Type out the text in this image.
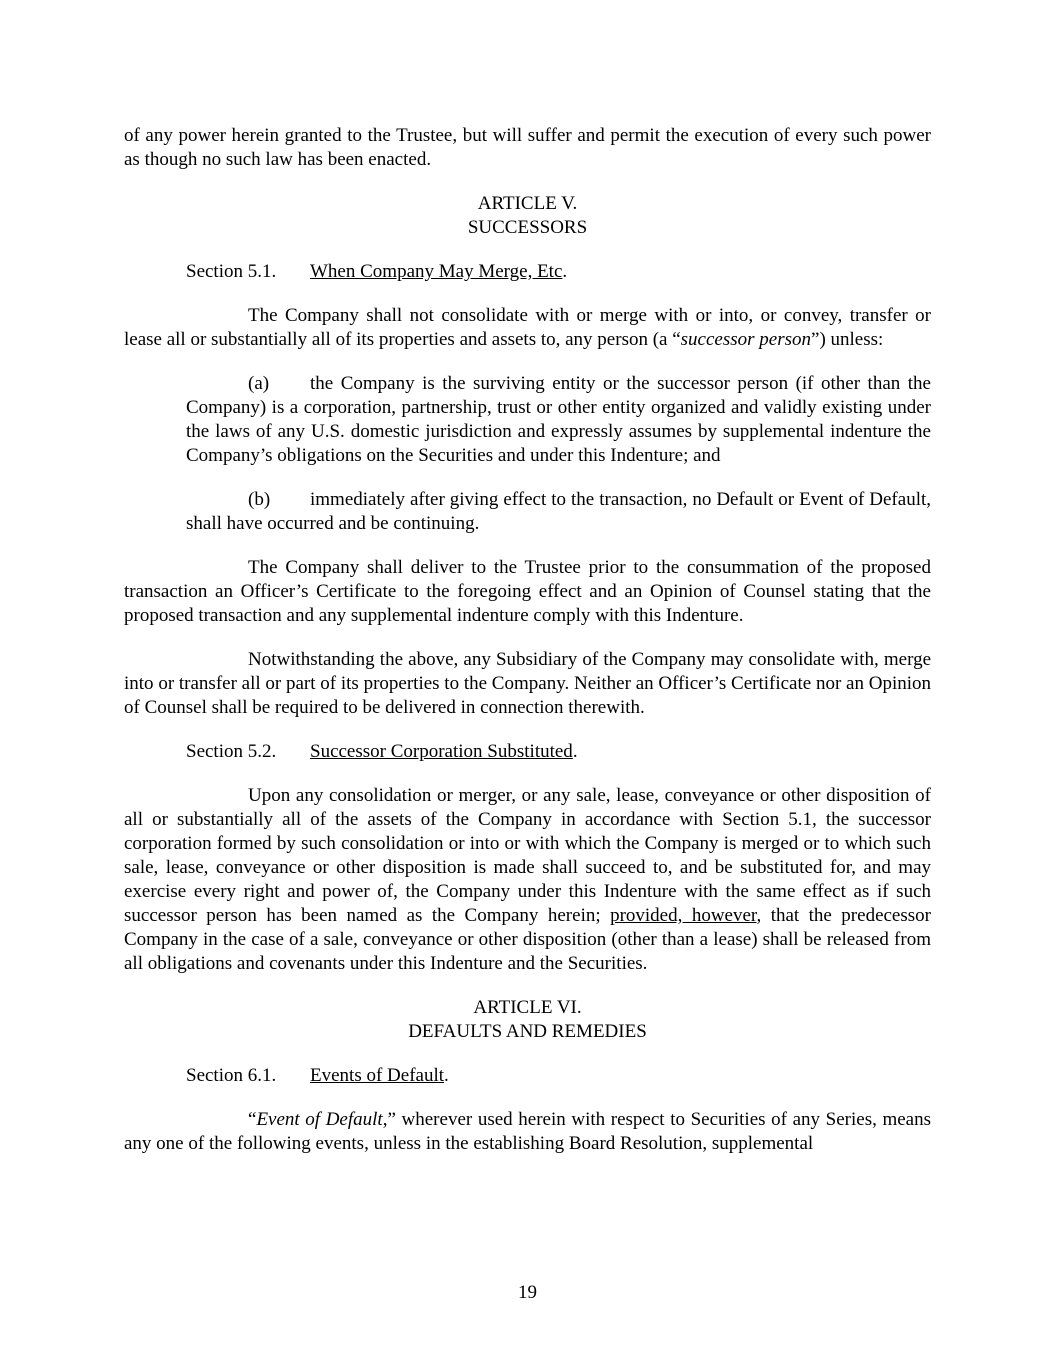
of any power herein granted to the Trustee, but will suffer and permit the execution of every such power as though no such law has been enacted.

ARTICLE V.

SUCCESSORS

Section 5.1. When Company May Merge, Etc.

The Company shall not consolidate with or merge with or into, or convey, transfer or lease all or substantially all of its properties and assets to, any person (a “successor person”) unless:

(a) the Company is the surviving entity or the successor person (if other than the Company) is a corporation, partnership, trust or other entity organized and validly existing under the laws of any U.S. domestic jurisdiction and expressly assumes by supplemental indenture the Company’s obligations on the Securities and under this Indenture; and

(b) immediately after giving effect to the transaction, no Default or Event of Default, shall have occurred and be continuing.

The Company shall deliver to the Trustee prior to the consummation of the proposed transaction an Officer’s Certificate to the foregoing effect and an Opinion of Counsel stating that the proposed transaction and any supplemental indenture comply with this Indenture.

Notwithstanding the above, any Subsidiary of the Company may consolidate with, merge into or transfer all or part of its properties to the Company. Neither an Officer’s Certificate nor an Opinion of Counsel shall be required to be delivered in connection therewith.

Section 5.2. Successor Corporation Substituted.

Upon any consolidation or merger, or any sale, lease, conveyance or other disposition of all or substantially all of the assets of the Company in accordance with Section 5.1, the successor corporation formed by such consolidation or into or with which the Company is merged or to which such sale, lease, conveyance or other disposition is made shall succeed to, and be substituted for, and may exercise every right and power of, the Company under this Indenture with the same effect as if such successor person has been named as the Company herein; provided, however, that the predecessor Company in the case of a sale, conveyance or other disposition (other than a lease) shall be released from all obligations and covenants under this Indenture and the Securities.

ARTICLE VI.

DEFAULTS AND REMEDIES

Section 6.1. Events of Default.

“Event of Default,” wherever used herein with respect to Securities of any Series, means any one of the following events, unless in the establishing Board Resolution, supplemental

19
